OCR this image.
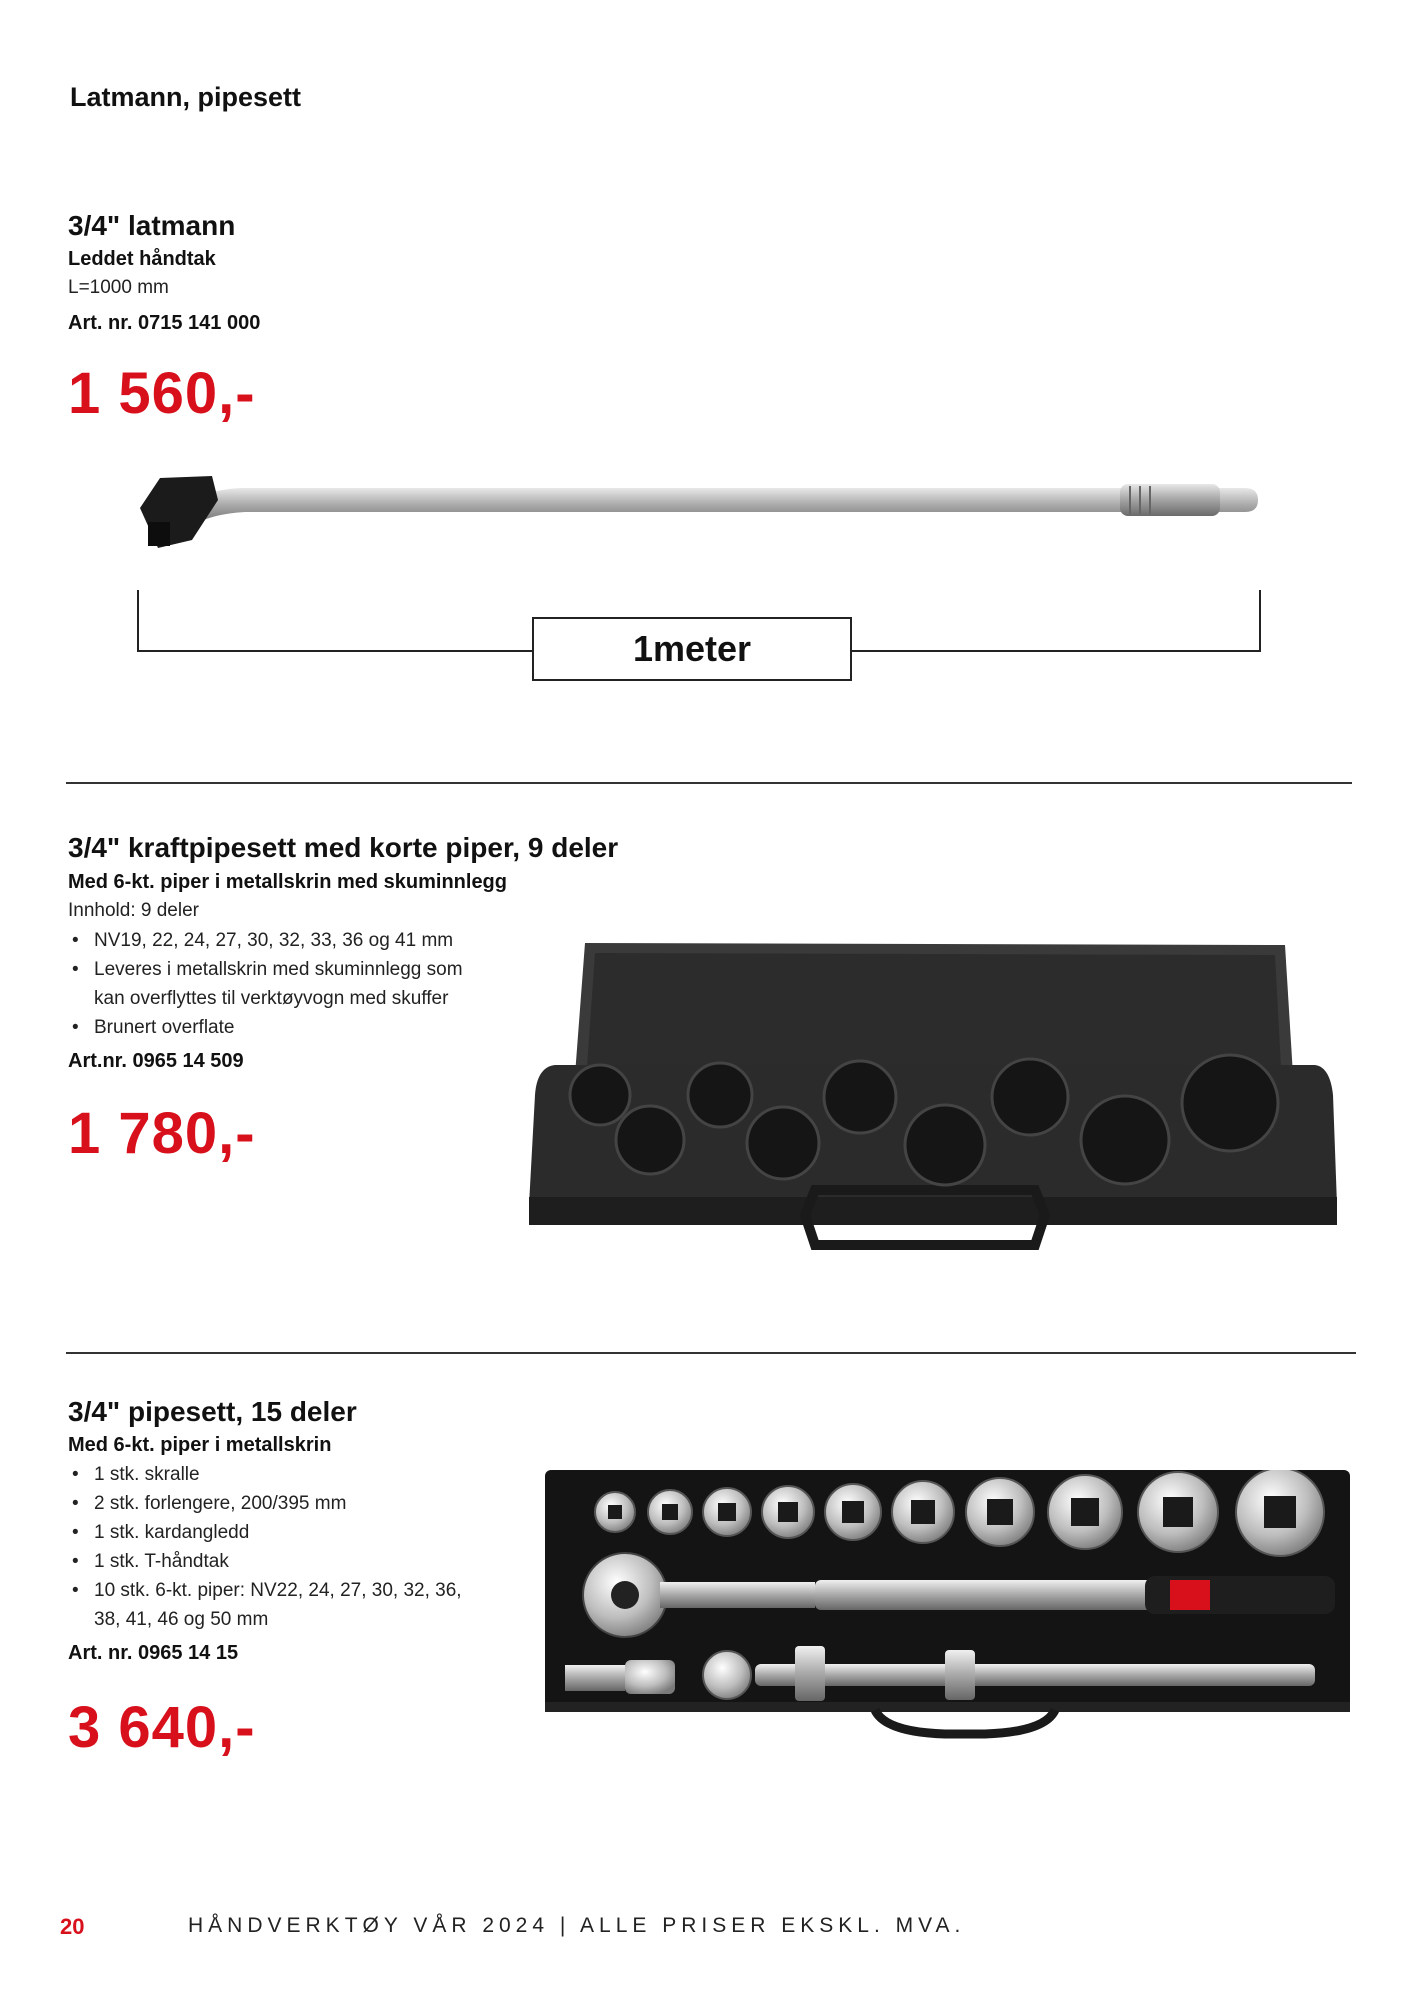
Latmann, pipesett
3/4" latmann
Leddet håndtak
L=1000 mm
Art. nr. 0715 141 000
1 560,-
1meter
3/4" kraftpipesett med korte piper, 9 deler
Med 6-kt. piper i metallskrin med skuminnlegg
Innhold: 9 deler
• NV19, 22, 24, 27, 30, 32, 33, 36 og 41 mm
• Leveres i metallskrin med skuminnlegg som kan overflyttes til verktøyvogn med skuffer
• Brunert overflate
Art.nr. 0965 14 509
1 780,-
3/4" pipesett, 15 deler
Med 6-kt. piper i metallskrin
• 1 stk. skralle
• 2 stk. forlengere, 200/395 mm
• 1 stk. kardangledd
• 1 stk. T-håndtak
• 10 stk. 6-kt. piper: NV22, 24, 27, 30, 32, 36, 38, 41, 46 og 50 mm
Art. nr. 0965 14 15
3 640,-
20	HÅNDVERKTØY VÅR 2024 | ALLE PRISER EKSKL. MVA.
